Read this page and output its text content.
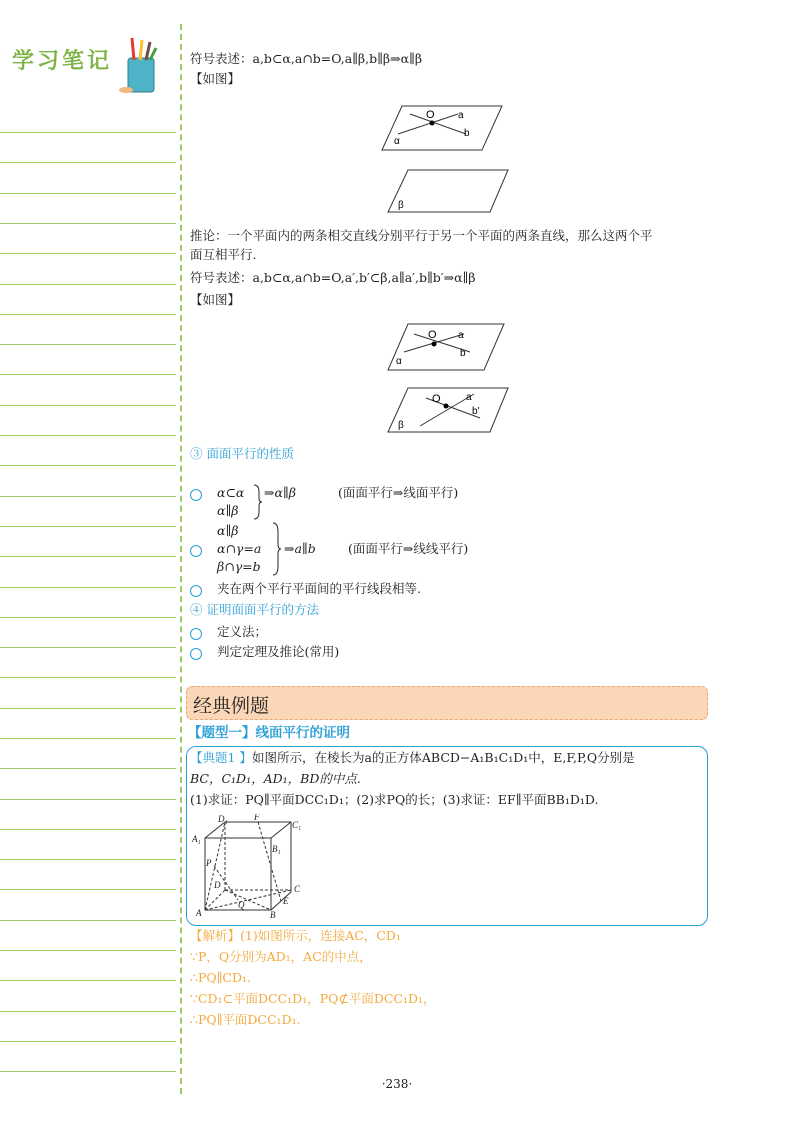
学习笔记	符号表述：a,b⊂α,a∩b=O,a∥β,b∥β⇒α∥β
【如图】
O a
b
α
β
推论：一个平面内的两条相交直线分别平行于另一个平面的两条直线，那么这两个平
面互相平行.
符号表述：a,b⊂α,a∩b=O,a′,b′⊂β,a∥a′,b∥b′⇒α∥β
【如图】
O a
b
α
O	a
b'
β
③ 面面平行的性质
α⊂α
α∥β
⇒α∥β	(面面平行⇒线面平行)
α∥β
α∩γ=a
β∩γ=b
⇒a∥b	(面面平行⇒线线平行)
夹在两个平行平面间的平行线段相等.
④ 证明面面平行的方法
定义法；
判定定理及推论(常用)
经典例题
【题型一】线面平行的证明
【典题1 】如图所示，在棱长为a的正方体ABCD−A₁B₁C₁D₁中，E,F,P,Q分别是
BC，C₁D₁，AD₁，BD的中点.
(1)求证：PQ∥平面DCC₁D₁；(2)求PQ的长；(3)求证：EF∥平面BB₁D₁D.
D₁	F
C₁
A₁
B₁
P
D	C
Q	E
A	B
【解析】(1)如图所示，连接AC，CD₁
∵P，Q分别为AD₁，AC的中点，
∴PQ∥CD₁.
∵CD₁⊂平面DCC₁D₁，PQ⊄平面DCC₁D₁，
∴PQ∥平面DCC₁D₁.
·238·
